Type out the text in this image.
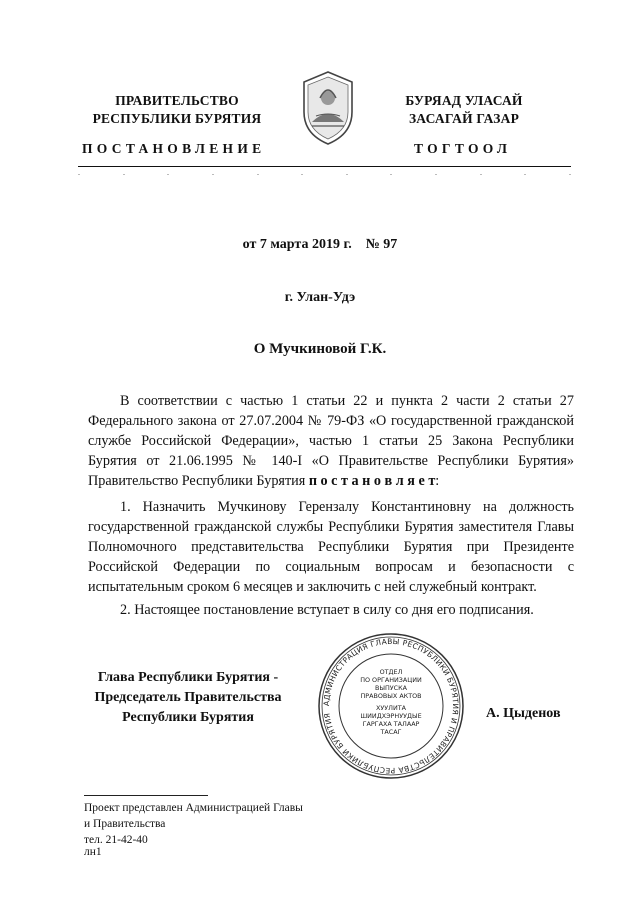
ПРАВИТЕЛЬСТВО
РЕСПУБЛИКИ БУРЯТИЯ
БУРЯАД УЛАСАЙ
ЗАСАГАЙ ГАЗАР
ПОСТАНОВЛЕНИЕ	ТОГТООЛ
от 7 марта 2019 г.    № 97
г. Улан-Удэ
О Мучкиновой Г.К.

В соответствии с частью 1 статьи 22 и пункта 2 части 2 статьи 27 Федерального закона от 27.07.2004 № 79-ФЗ «О государственной гражданской службе Российской Федерации», частью 1 статьи 25 Закона Республики Бурятия от 21.06.1995 № 140-I «О Правительстве Республики Бурятия» Правительство Республики Бурятия п о с т а н о в л я е т:

1. Назначить Мучкинову Герензалу Константиновну на должность государственной гражданской службы Республики Бурятия заместителя Главы Полномочного представительства Республики Бурятия при Президенте Российской Федерации по социальным вопросам и безопасности с испытательным сроком 6 месяцев и заключить с ней служебный контракт.

2. Настоящее постановление вступает в силу со дня его подписания.

Глава Республики Бурятия -
Председатель Правительства
Республики Бурятия
АДМИНИСТРАЦИЯ ГЛАВЫ РЕСПУБЛИКИ БУРЯТИЯ И ПРАВИТЕЛЬСТВА РЕСПУБЛИКИ БУРЯТИЯ
ОТДЕЛ
ПО ОРГАНИЗАЦИИ
ВЫПУСКА
ПРАВОВЫХ АКТОВ
ХУУЛИТА
ШИИДХЭРНУУДЫЕ
ГАРГАХА ТАЛААР
ТАСАГ
А. Цыденов
Проект представлен Администрацией Главы
и Правительства
тел. 21-42-40
лн1
